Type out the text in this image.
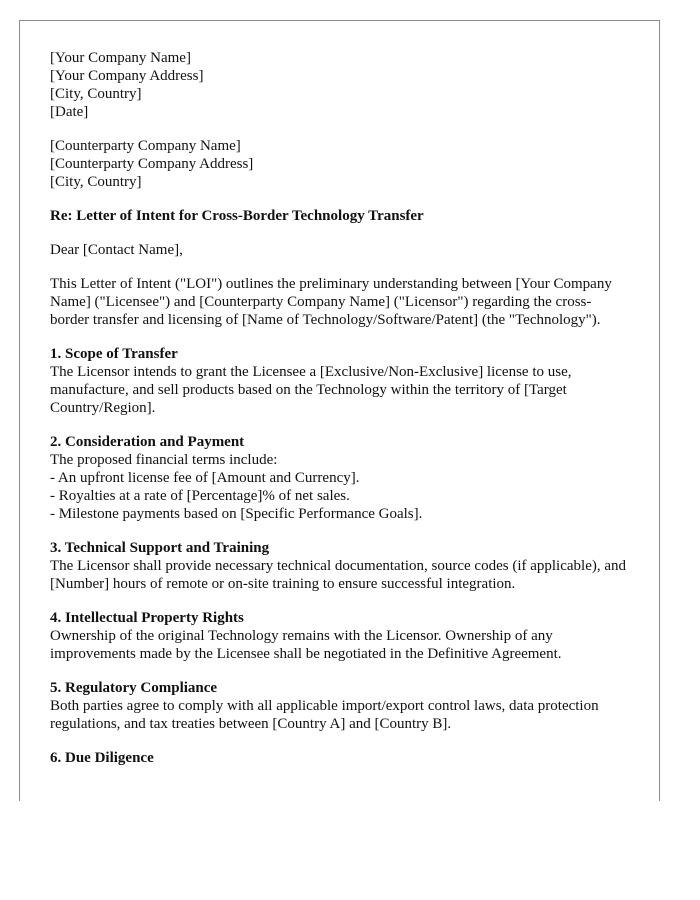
[Your Company Name]
[Your Company Address]
[City, Country]
[Date]
[Counterparty Company Name]
[Counterparty Company Address]
[City, Country]
Re: Letter of Intent for Cross-Border Technology Transfer
Dear [Contact Name],
This Letter of Intent ("LOI") outlines the preliminary understanding between [Your Company Name] ("Licensee") and [Counterparty Company Name] ("Licensor") regarding the cross-border transfer and licensing of [Name of Technology/Software/Patent] (the "Technology").
1. Scope of Transfer
The Licensor intends to grant the Licensee a [Exclusive/Non-Exclusive] license to use, manufacture, and sell products based on the Technology within the territory of [Target Country/Region].
2. Consideration and Payment
The proposed financial terms include:
- An upfront license fee of [Amount and Currency].
- Royalties at a rate of [Percentage]% of net sales.
- Milestone payments based on [Specific Performance Goals].
3. Technical Support and Training
The Licensor shall provide necessary technical documentation, source codes (if applicable), and [Number] hours of remote or on-site training to ensure successful integration.
4. Intellectual Property Rights
Ownership of the original Technology remains with the Licensor. Ownership of any improvements made by the Licensee shall be negotiated in the Definitive Agreement.
5. Regulatory Compliance
Both parties agree to comply with all applicable import/export control laws, data protection regulations, and tax treaties between [Country A] and [Country B].
6. Due Diligence
